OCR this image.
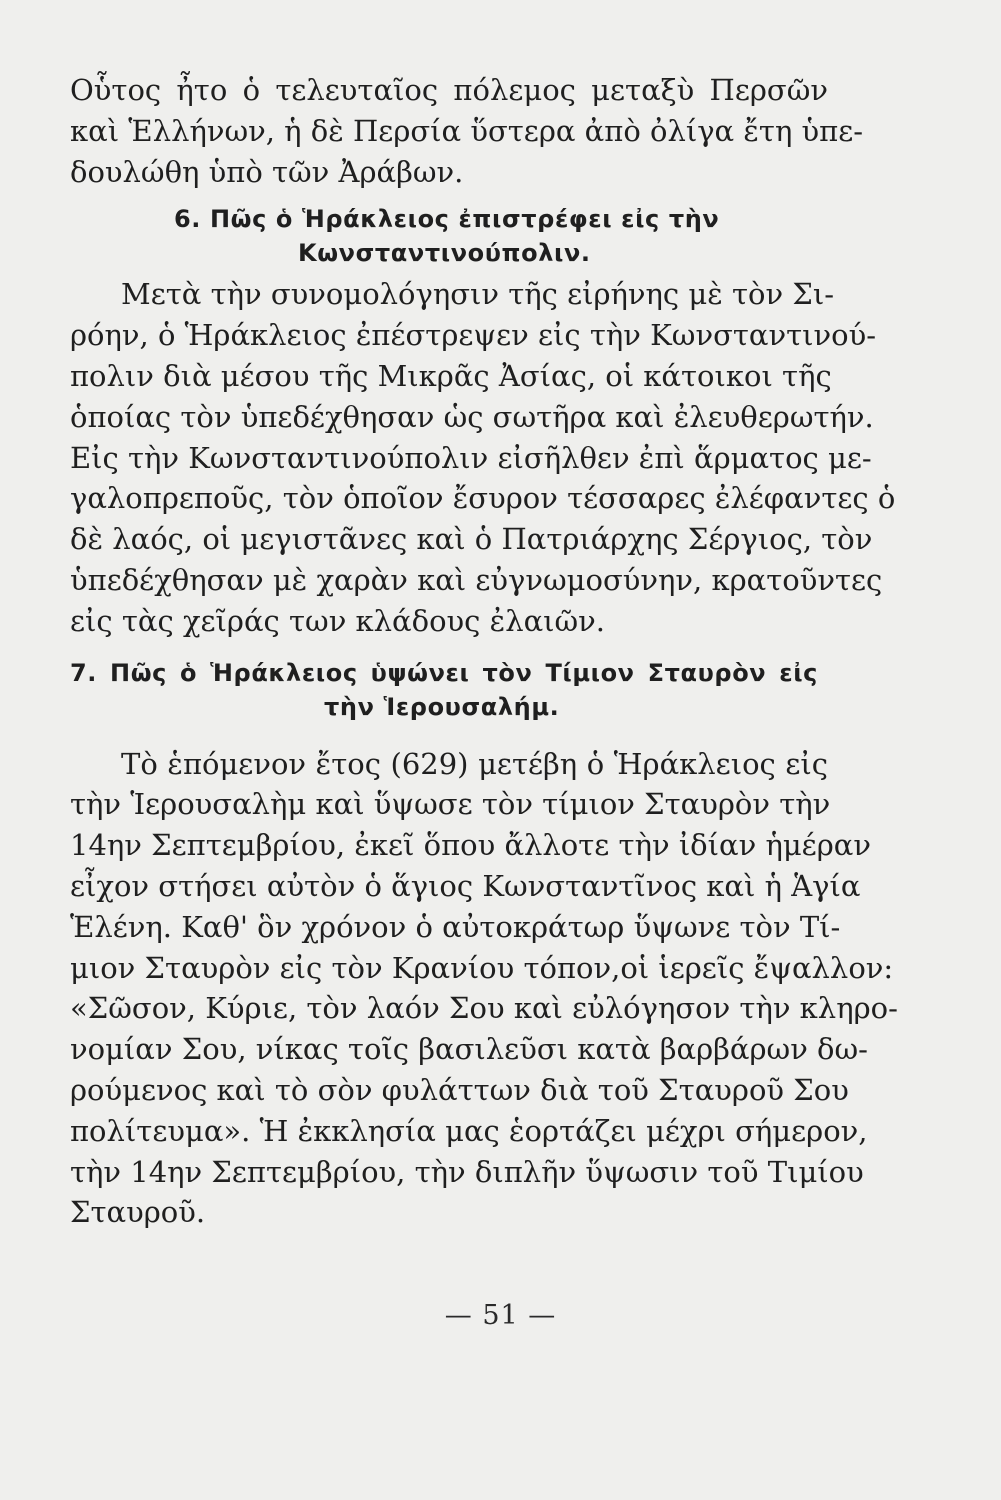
Οὗτος ἦτο ὁ τελευταῖος πόλεμος μεταξὺ Περσῶν
καὶ Ἑλλήνων, ἡ δὲ Περσία ὕστερα ἀπὸ ὀλίγα ἔτη ὑπε-
δουλώθη ὑπὸ τῶν Ἀράβων.
6. Πῶς ὁ Ἡράκλειος ἐπιστρέφει εἰς τὴν
Κωνσταντινούπολιν.
Μετὰ τὴν συνομολόγησιν τῆς εἰρήνης μὲ τὸν Σι-
ρόην, ὁ Ἡράκλειος ἐπέστρεψεν εἰς τὴν Κωνσταντινού-
πολιν διὰ μέσου τῆς Μικρᾶς Ἀσίας, οἱ κάτοικοι τῆς
ὁποίας τὸν ὑπεδέχθησαν ὡς σωτῆρα καὶ ἐλευθερωτήν.
Εἰς τὴν Κωνσταντινούπολιν εἰσῆλθεν ἐπὶ ἅρματος με-
γαλοπρεποῦς, τὸν ὁποῖον ἔσυρον τέσσαρες ἐλέφαντες ὁ
δὲ λαός, οἱ μεγιστᾶνες καὶ ὁ Πατριάρχης Σέργιος, τὸν
ὑπεδέχθησαν μὲ χαρὰν καὶ εὐγνωμοσύνην, κρατοῦντες
εἰς τὰς χεῖράς των κλάδους ἐλαιῶν.
7. Πῶς ὁ Ἡράκλειος ὑψώνει τὸν Τίμιον Σταυρὸν εἰς
τὴν Ἱερουσαλήμ.
Τὸ ἑπόμενον ἔτος (629) μετέβη ὁ Ἡράκλειος εἰς
τὴν Ἱερουσαλὴμ καὶ ὕψωσε τὸν τίμιον Σταυρὸν τὴν
14ην Σεπτεμβρίου, ἐκεῖ ὅπου ἄλλοτε τὴν ἰδίαν ἡμέραν
εἶχον στήσει αὐτὸν ὁ ἅγιος Κωνσταντῖνος καὶ ἡ Ἁγία
Ἑλένη. Καθ' ὃν χρόνον ὁ αὐτοκράτωρ ὕψωνε τὸν Τί-
μιον Σταυρὸν εἰς τὸν Κρανίου τόπον,οἱ ἱερεῖς ἔψαλλον:
«Σῶσον, Κύριε, τὸν λαόν Σου καὶ εὐλόγησον τὴν κληρο-
νομίαν Σου, νίκας τοῖς βασιλεῦσι κατὰ βαρβάρων δω-
ρούμενος καὶ τὸ σὸν φυλάττων διὰ τοῦ Σταυροῦ Σου
πολίτευμα». Ἡ ἐκκλησία μας ἑορτάζει μέχρι σήμερον,
τὴν 14ην Σεπτεμβρίου, τὴν διπλῆν ὕψωσιν τοῦ Τιμίου
Σταυροῦ.
— 51 —
